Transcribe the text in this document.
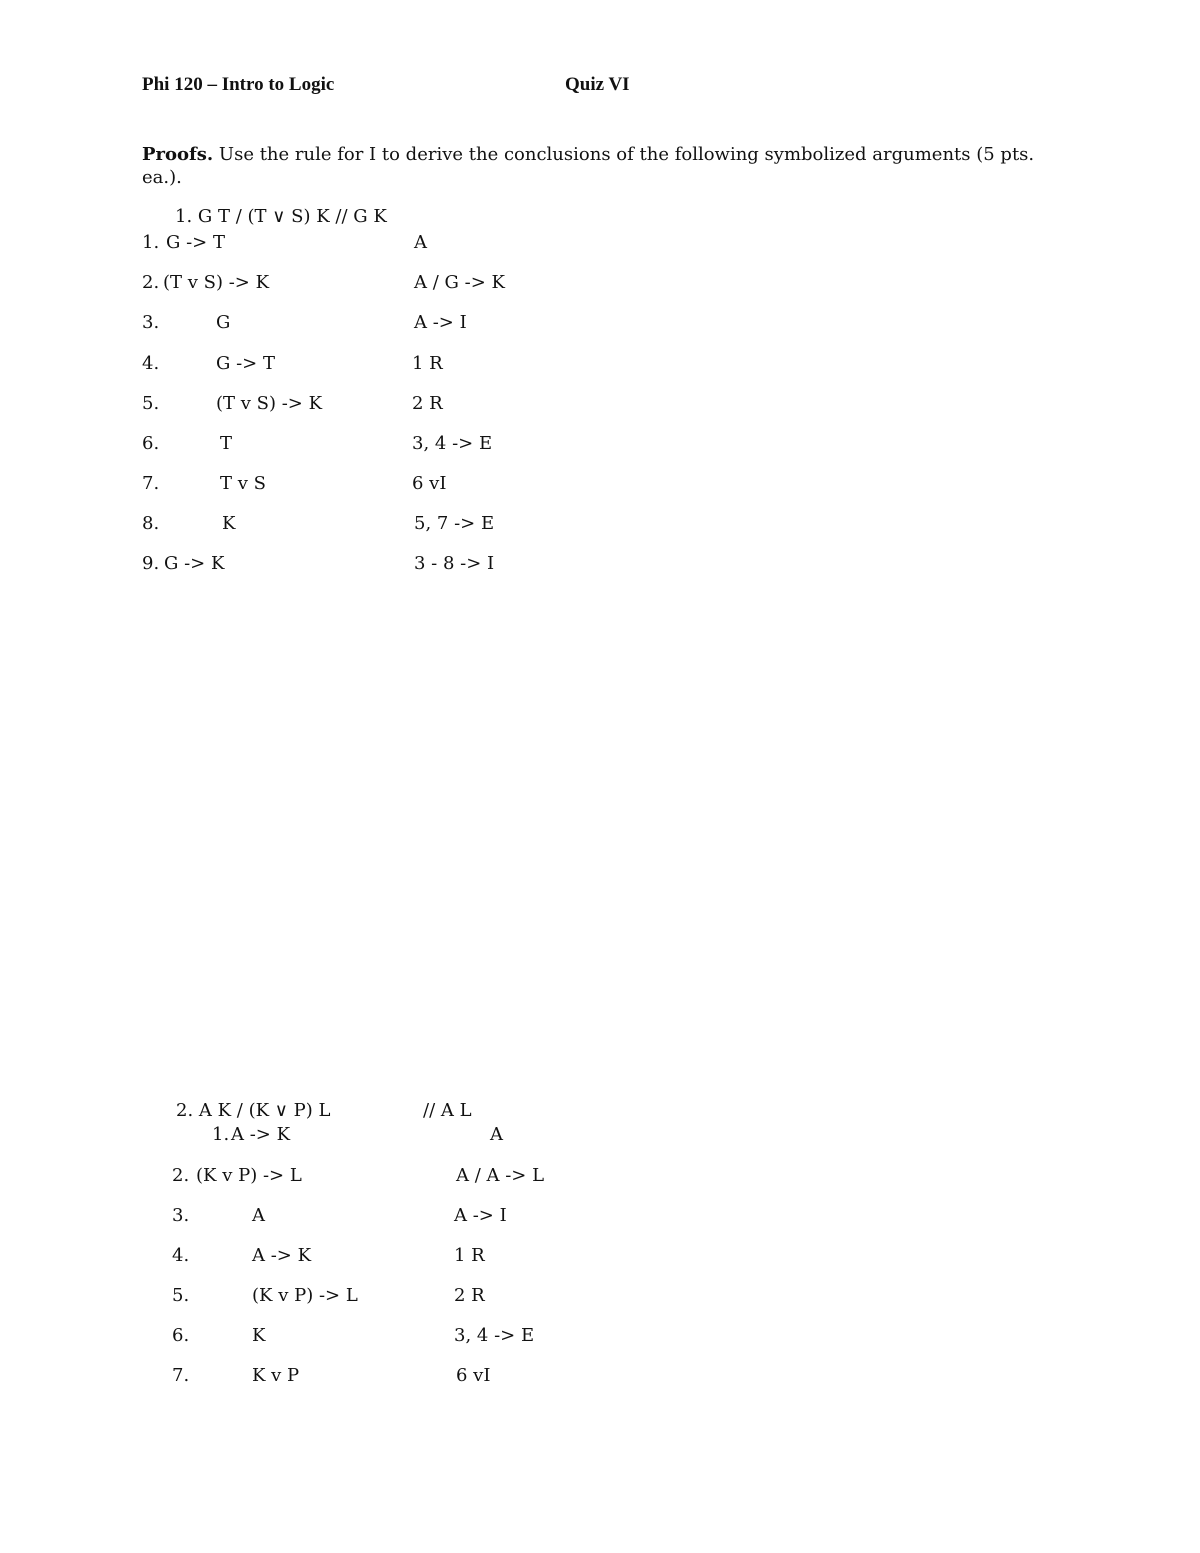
Phi 120 – Intro to Logic	Quiz VI

Proofs. Use the rule for I to derive the conclusions of the following symbolized arguments (5 pts. ea.).

1. G T / (T ∨ S) K // G K
1. G -> T	A
2. (T v S) -> K	A / G -> K
3.	G	A -> I
4.	G -> T	1 R
5.	(T v S) -> K	2 R
6.	T	3, 4 -> E
7.	T v S	6 vI
8.	K	5, 7 -> E
9. G -> K	3 - 8 -> I
2. A K / (K ∨ P) L	// A L
1. A -> K	A
2. (K v P) -> L	A / A -> L
3.	A	A -> I
4.	A -> K	1 R
5.	(K v P) -> L	2 R
6.	K	3, 4 -> E
7.	K v P	6 vI
